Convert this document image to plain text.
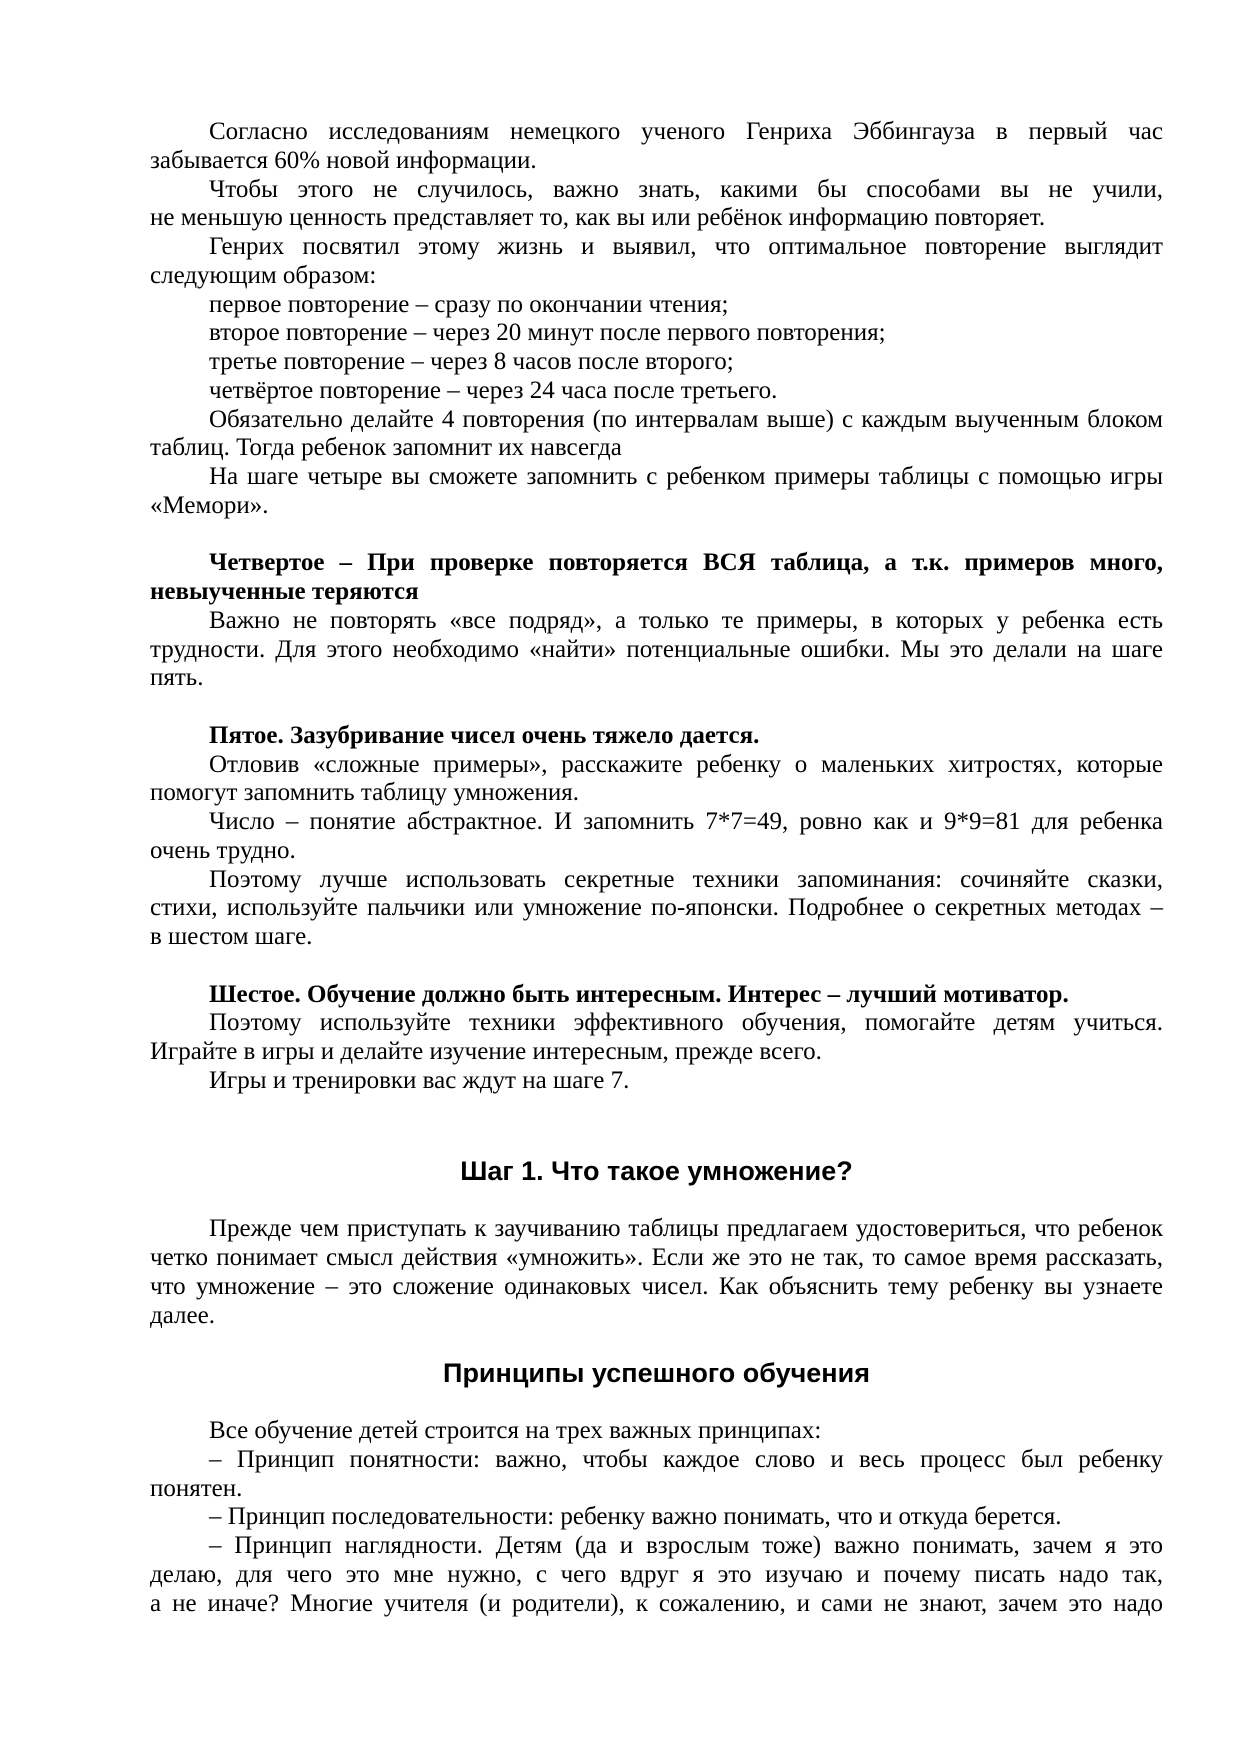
Согласно исследованиям немецкого ученого Генриха Эббингауза в первый час
забывается 60% новой информации.
Чтобы этого не случилось, важно знать, какими бы способами вы не учили,
не меньшую ценность представляет то, как вы или ребёнок информацию повторяет.
Генрих посвятил этому жизнь и выявил, что оптимальное повторение выглядит
следующим образом:
первое повторение – сразу по окончании чтения;
второе повторение – через 20 минут после первого повторения;
третье повторение – через 8 часов после второго;
четвёртое повторение – через 24 часа после третьего.
Обязательно делайте 4 повторения (по интервалам выше) с каждым выученным блоком
таблиц. Тогда ребенок запомнит их навсегда
На шаге четыре вы сможете запомнить с ребенком примеры таблицы с помощью игры
«Мемори».
Четвертое – При проверке повторяется ВСЯ таблица, а т.к. примеров много,
невыученные теряются
Важно не повторять «все подряд», а только те примеры, в которых у ребенка есть
трудности. Для этого необходимо «найти» потенциальные ошибки. Мы это делали на шаге
пять.
Пятое. Зазубривание чисел очень тяжело дается.
Отловив «сложные примеры», расскажите ребенку о маленьких хитростях, которые
помогут запомнить таблицу умножения.
Число – понятие абстрактное. И запомнить 7*7=49, ровно как и 9*9=81 для ребенка
очень трудно.
Поэтому лучше использовать секретные техники запоминания: сочиняйте сказки,
стихи, используйте пальчики или умножение по-японски. Подробнее о секретных методах –
в шестом шаге.
Шестое. Обучение должно быть интересным. Интерес – лучший мотиватор.
Поэтому используйте техники эффективного обучения, помогайте детям учиться.
Играйте в игры и делайте изучение интересным, прежде всего.
Игры и тренировки вас ждут на шаге 7.
Шаг 1. Что такое умножение?
Прежде чем приступать к заучиванию таблицы предлагаем удостовериться, что ребенок
четко понимает смысл действия «умножить». Если же это не так, то самое время рассказать,
что умножение – это сложение одинаковых чисел. Как объяснить тему ребенку вы узнаете
далее.
Принципы успешного обучения
Все обучение детей строится на трех важных принципах:
– Принцип понятности: важно, чтобы каждое слово и весь процесс был ребенку
понятен.
– Принцип последовательности: ребенку важно понимать, что и откуда берется.
– Принцип наглядности. Детям (да и взрослым тоже) важно понимать, зачем я это
делаю, для чего это мне нужно, с чего вдруг я это изучаю и почему писать надо так,
а не иначе? Многие учителя (и родители), к сожалению, и сами не знают, зачем это надо
